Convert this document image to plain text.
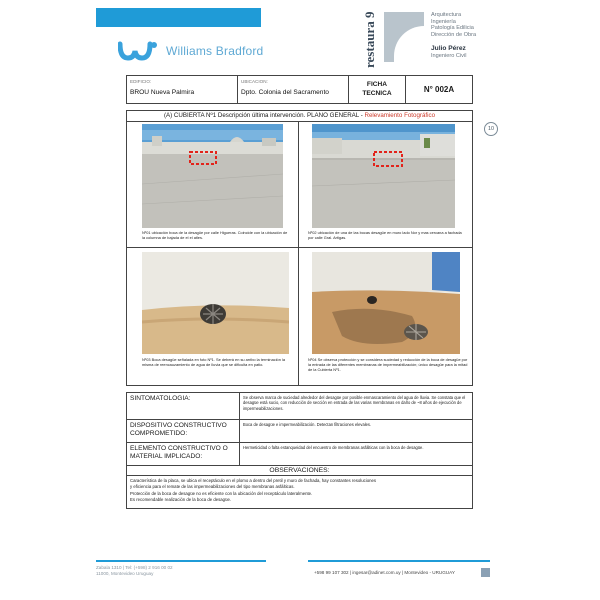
Williams Bradford	restaura 9	Arquitectura
Ingeniería
Patología Edilicia
Dirección de Obra
Julio Pérez
Ingeniero Civil
EDIFICIO:
BROU Nueva Palmira
UBICACION:
Dpto. Colonia del Sacramento
FICHA
TECNICA	N° 002A
(A) CUBIERTA Nº1 Descripción última intervención. PLANO GENERAL - Relevamiento Fotográfico
10
Nº01 ubicación boca de la desagüe por calle Higueras. Coincide con la ubicación de la columna de bajada de el el atles.
Nº02 ubicación de una de las bocas desagüe en muro lado Nor y mas cercana a fachada por calle Gral. Artigas.
Nº03 Boca desagüe señalada en foto Nº1. Se deberá en su arribo la terminación la misma de reencauzamiento de agua de lluvia que se dificulta en patio.
Nº04 Se observa protección y se considera suciedad y reducción de la boca de desagüe por la entrada de las diferentes membranas de impermeabilización; único desagüe para la mitad de la Cubierta Nº1.
SINTOMATOLOGIA:	Se observa marca de suciedad alrededor del desagüe por posible enmascaramiento del agua de lluvia. Se constata que el desagüe está sucio, con reducción de sección en entrada de las varias membranas en daño de ~8 años de ejecución de impermeabilizaciones.
DISPOSITIVO CONSTRUCTIVO COMPROMETIDO:
Boca de desagüe e impermeabilización. Detectan filtraciones elevales.
ELEMENTO CONSTRUCTIVO O MATERIAL IMPLICADO:
Hermeticidad o falta estanqueidad del encuentro de membranas asfálticas con la boca de desagüe.
OBSERVACIONES:
Característica de la placa, se ubica el receptáculo en el plomo a dentro del pretil y muro de fachada, hay constantes resoluciones
y eficiencia para el remate de las impermeabilizaciones del tipo membranas asfálticas.
Protección de la boca de desagüe no es eficiente con la ubicación del receptáculo lateralmente.
Es recomendable realización de la boca de desagüe.
Zabala 1310 | Tel: (+598) 2 916 00 02
11000, Montevideo Uruguay	+598 99 107 302 | ingesar@adinet.com.uy | Montevideo - URUGUAY
